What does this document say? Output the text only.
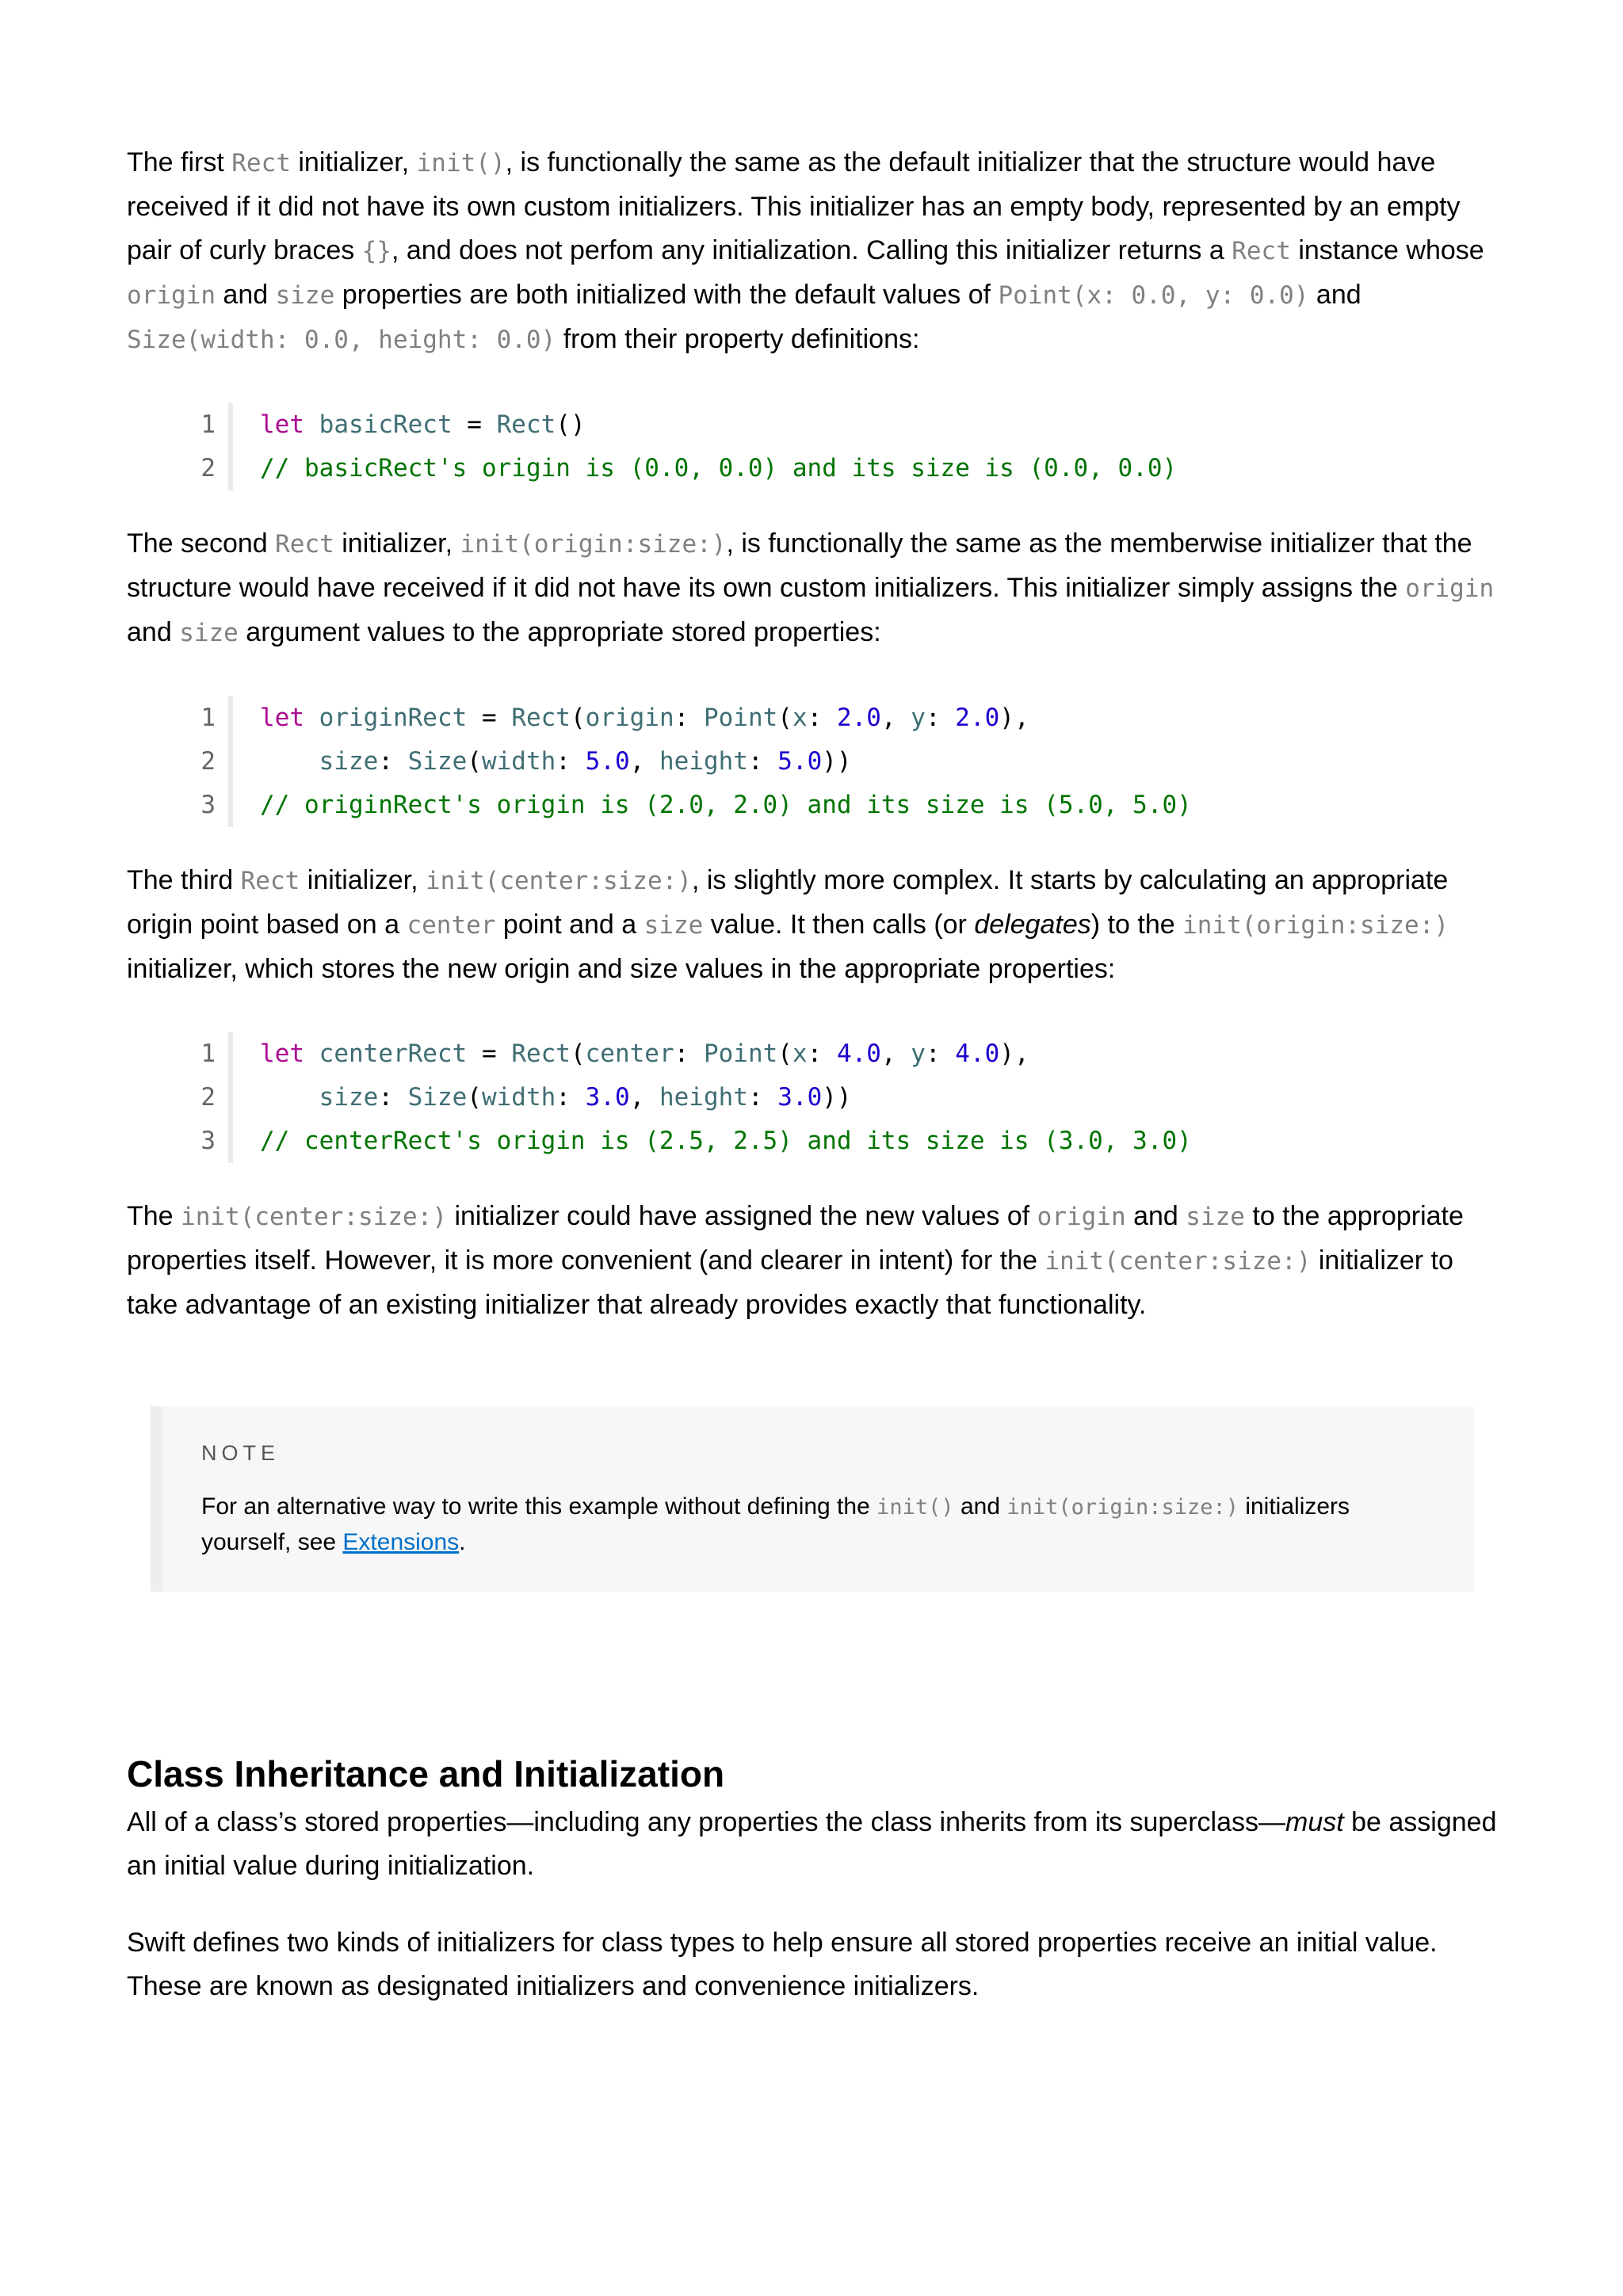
The first Rect initializer, init(), is functionally the same as the default initializer that the structure would have received if it did not have its own custom initializers. This initializer has an empty body, represented by an empty pair of curly braces {}, and does not perfom any initialization. Calling this initializer returns a Rect instance whose origin and size properties are both initialized with the default values of Point(x: 0.0, y: 0.0) and Size(width: 0.0, height: 0.0) from their property definitions:

1 let basicRect = Rect()
2 // basicRect's origin is (0.0, 0.0) and its size is (0.0, 0.0)

The second Rect initializer, init(origin:size:), is functionally the same as the memberwise initializer that the structure would have received if it did not have its own custom initializers. This initializer simply assigns the origin and size argument values to the appropriate stored properties:

1 let originRect = Rect(origin: Point(x: 2.0, y: 2.0),
2	size: Size(width: 5.0, height: 5.0))
3 // originRect's origin is (2.0, 2.0) and its size is (5.0, 5.0)

The third Rect initializer, init(center:size:), is slightly more complex. It starts by calculating an appropriate origin point based on a center point and a size value. It then calls (or delegates) to the init(origin:size:) initializer, which stores the new origin and size values in the appropriate properties:

1 let centerRect = Rect(center: Point(x: 4.0, y: 4.0),
2	size: Size(width: 3.0, height: 3.0))
3 // centerRect's origin is (2.5, 2.5) and its size is (3.0, 3.0)

The init(center:size:) initializer could have assigned the new values of origin and size to the appropriate properties itself. However, it is more convenient (and clearer in intent) for the init(center:size:) initializer to take advantage of an existing initializer that already provides exactly that functionality.

NOTE

For an alternative way to write this example without defining the init() and init(origin:size:) initializers yourself, see Extensions.

Class Inheritance and Initialization

All of a class’s stored properties—including any properties the class inherits from its superclass—must be assigned an initial value during initialization.

Swift defines two kinds of initializers for class types to help ensure all stored properties receive an initial value. These are known as designated initializers and convenience initializers.
